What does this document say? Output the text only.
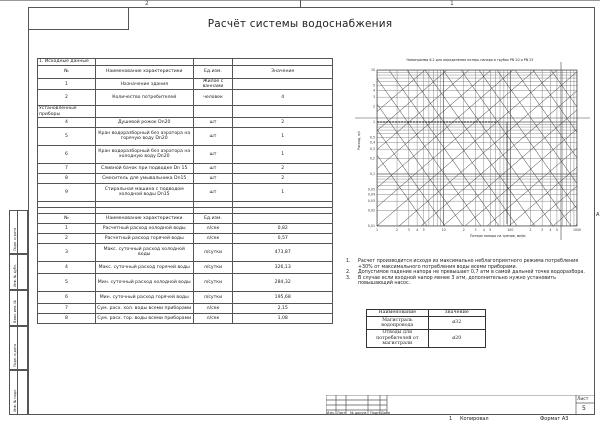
2	1
A
Расчёт системы водоснабжения
Подп. и дата
Инв. № дубл.
Взам. инв. №
Подп. и дата
Инв. № подл.
1. Исходные данные			
№	Наименование характеристики	Ед.изм.	Значение
1	Назначение здания	Жилое с ваннами	
2	Количество потребителей	человек	4
Установленные приборы			
4	Душевой рожок Dn20	шт	2
5	Кран водоразборный без аэратора на горячую воду Dn20	шт	1
6	Кран водоразборный без аэратора на холодную воду Dn20	шт	1
7	Сливной бачок при подводке Dn 15	шт	2
8	Смеситель для умывальника Dn15	шт	2
9	Стиральная машина с подводом холодной воды Dn15	шт	1

№	Наименование характеристики	Ед.изм.	
1	Расчетный расход холодной воды	л/сек	0,82
2	Расчетный расход горячей воды	л/сек	0,57
3	Макс. суточный расход холодной воды	л/сутки	473,87
4	Макс. суточный расход горячей воды	л/сутки	326,13
5	Мин. суточный расход холодной воды	л/сутки	284,32
6	Мин. суточный расход горячей воды	л/сутки	195,68
7	Сум. расх. хол. воды всеми приборами	л/сек	2,15
8	Сум. расх. гор. воды всеми приборами	л/сек	1,08
Номограмма 6.2 для определения потерь напора в трубах PN 20 и PN 25
10
5
4
3
2
1
0,5
0,4
0,3
0,2
0,1
0,05
0,04
0,03
0,02
0,01
1	2	3 4 5	10	2	3 4 5	100	2	3 4 5	1000
Расход, л/с
Потери напора на трение, мм/м
1.	Расчет производится исходя из максимально неблагоприятного режима потребления +30% от максимального потребления воды всеми приборами.
2.	Допустимое падение напора не превышает 0,7 атм в самой дальней точке водоразбора.
3.	В случае если входной напор менее 3 атм, дополнительно нужно установить повышающий насос.
Наименование	значение
Магистраль водопровода	⌀32
Отводы для потребителей от магистрали	⌀20
Изм. Лист № докум. Подп. Дата
Лист
5
1 Копировал	Формат A3
